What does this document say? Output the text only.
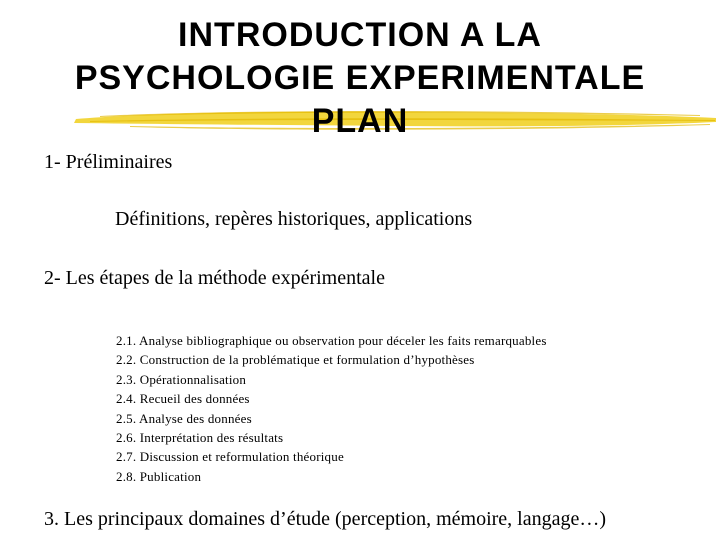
INTRODUCTION A LA
PSYCHOLOGIE EXPERIMENTALE
PLAN

1- Préliminaires

Définitions, repères historiques, applications

2- Les étapes de la méthode expérimentale

2.1. Analyse bibliographique ou observation pour déceler les faits remarquables
2.2. Construction de la problématique et formulation d’hypothèses
2.3. Opérationnalisation
2.4. Recueil des données
2.5. Analyse des données
2.6. Interprétation des résultats
2.7. Discussion et reformulation théorique
2.8. Publication

3. Les principaux domaines d’étude (perception, mémoire, langage…)
